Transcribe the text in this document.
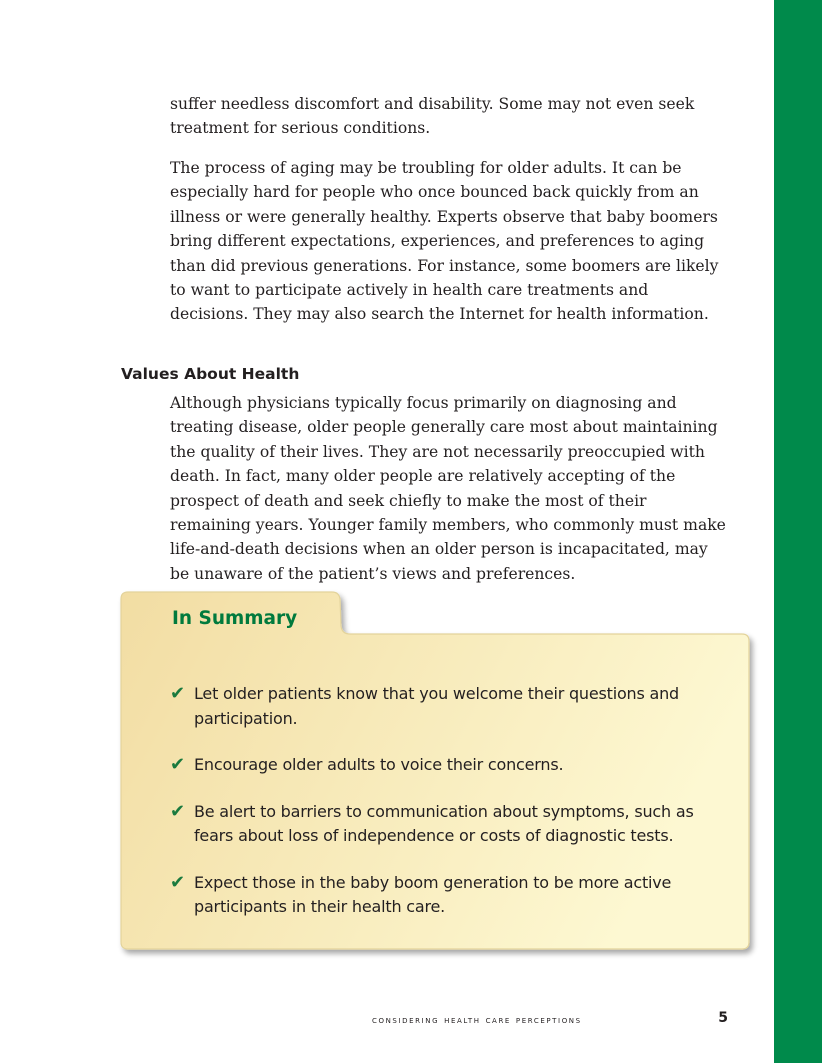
suffer needless discomfort and disability. Some may not even seek treatment for serious conditions.

The process of aging may be troubling for older adults. It can be especially hard for people who once bounced back quickly from an illness or were generally healthy. Experts observe that baby boomers bring different expectations, experiences, and preferences to aging than did previous generations. For instance, some boomers are likely to want to participate actively in health care treatments and decisions. They may also search the Internet for health information.

Values About Health

Although physicians typically focus primarily on diagnosing and treating disease, older people generally care most about maintaining the quality of their lives. They are not necessarily preoccupied with death. In fact, many older people are relatively accepting of the prospect of death and seek chiefly to make the most of their remaining years. Younger family members, who commonly must make life-and-death decisions when an older person is incapacitated, may be unaware of the patient’s views and preferences.

In Summary
✔ Let older patients know that you welcome their questions and participation.
✔ Encourage older adults to voice their concerns.
✔ Be alert to barriers to communication about symptoms, such as fears about loss of independence or costs of diagnostic tests.
✔ Expect those in the baby boom generation to be more active participants in their health care.

considering health care perceptions	5
